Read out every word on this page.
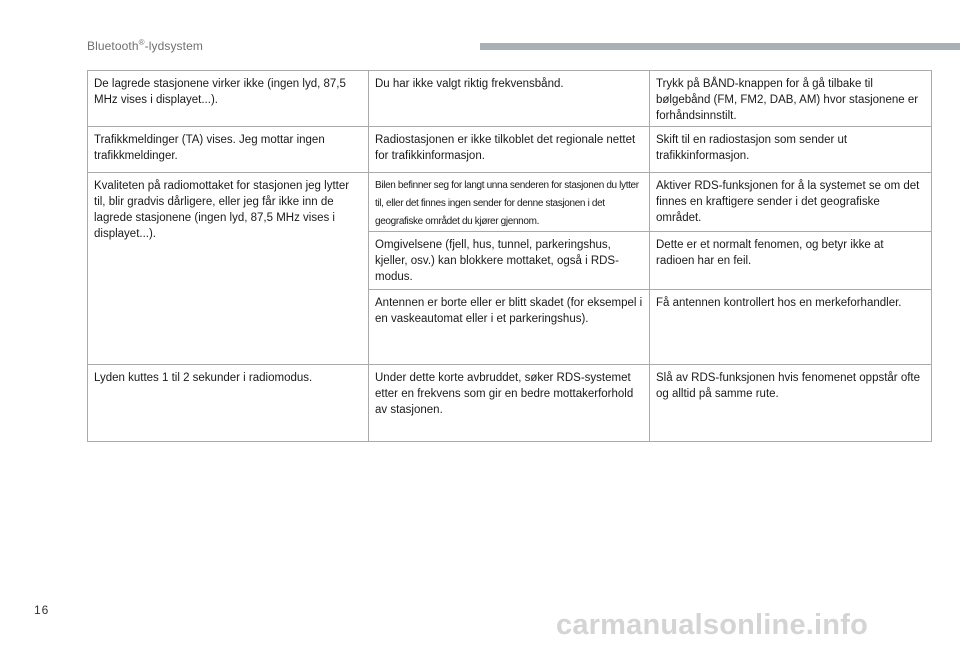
Bluetooth®-lydsystem
De lagrede stasjonene virker ikke (ingen lyd, 87,5 MHz vises i displayet...).	Du har ikke valgt riktig frekvensbånd.	Trykk på BÅND-knappen for å gå tilbake til bølgebånd (FM, FM2, DAB, AM) hvor stasjonene er forhåndsinnstilt.
Trafikkmeldinger (TA) vises. Jeg mottar ingen trafikkmeldinger.	Radiostasjonen er ikke tilkoblet det regionale nettet for trafikkinformasjon.	Skift til en radiostasjon som sender ut trafikkinformasjon.
Kvaliteten på radiomottaket for stasjonen jeg lytter til, blir gradvis dårligere, eller jeg får ikke inn de lagrede stasjonene (ingen lyd, 87,5 MHz vises i displayet...).	Bilen befinner seg for langt unna senderen for stasjonen du lytter til, eller det finnes ingen sender for denne stasjonen i det geografiske området du kjører gjennom.	Aktiver RDS-funksjonen for å la systemet se om det finnes en kraftigere sender i det geografiske området.
	Omgivelsene (fjell, hus, tunnel, parkeringshus, kjeller, osv.) kan blokkere mottaket, også i RDS-modus.	Dette er et normalt fenomen, og betyr ikke at radioen har en feil.
	Antennen er borte eller er blitt skadet (for eksempel i en vaskeautomat eller i et parkeringshus).	Få antennen kontrollert hos en merkeforhandler.
Lyden kuttes 1 til 2 sekunder i radiomodus.	Under dette korte avbruddet, søker RDS-systemet etter en frekvens som gir en bedre mottakerforhold av stasjonen.	Slå av RDS-funksjonen hvis fenomenet oppstår ofte og alltid på samme rute.
16	carmanualsonline.info
